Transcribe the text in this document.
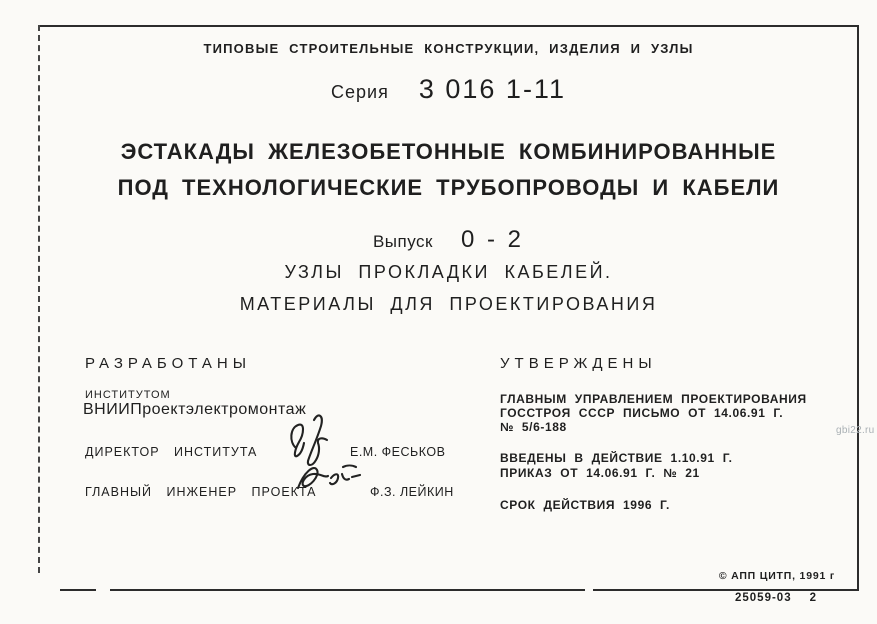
ТИПОВЫЕ СТРОИТЕЛЬНЫЕ КОНСТРУКЦИИ, ИЗДЕЛИЯ И УЗЛЫ
Серия 3 016 1-11
ЭСТАКАДЫ ЖЕЛЕЗОБЕТОННЫЕ КОМБИНИРОВАННЫЕ
ПОД ТЕХНОЛОГИЧЕСКИЕ ТРУБОПРОВОДЫ И КАБЕЛИ
Выпуск 0 - 2
УЗЛЫ ПРОКЛАДКИ КАБЕЛЕЙ.
МАТЕРИАЛЫ ДЛЯ ПРОЕКТИРОВАНИЯ
РАЗРАБОТАНЫ
ИНСТИТУТОМ
ВНИИПроектэлектромонтаж
ДИРЕКТОР ИНСТИТУТА	Е.М. ФЕСЬКОВ
ГЛАВНЫЙ ИНЖЕНЕР ПРОЕКТА	Ф.З. ЛЕЙКИН
УТВЕРЖДЕНЫ
ГЛАВНЫМ УПРАВЛЕНИЕМ ПРОЕКТИРОВАНИЯ
ГОССТРОЯ СССР ПИСЬМО ОТ 14.06.91 Г.
№ 5/6-188
ВВЕДЕНЫ В ДЕЙСТВИЕ 1.10.91 Г.
ПРИКАЗ ОТ 14.06.91 Г. № 21
СРОК ДЕЙСТВИЯ 1996 Г.
gbi22.ru
© АПП ЦИТП, 1991 г
25059-03 2
